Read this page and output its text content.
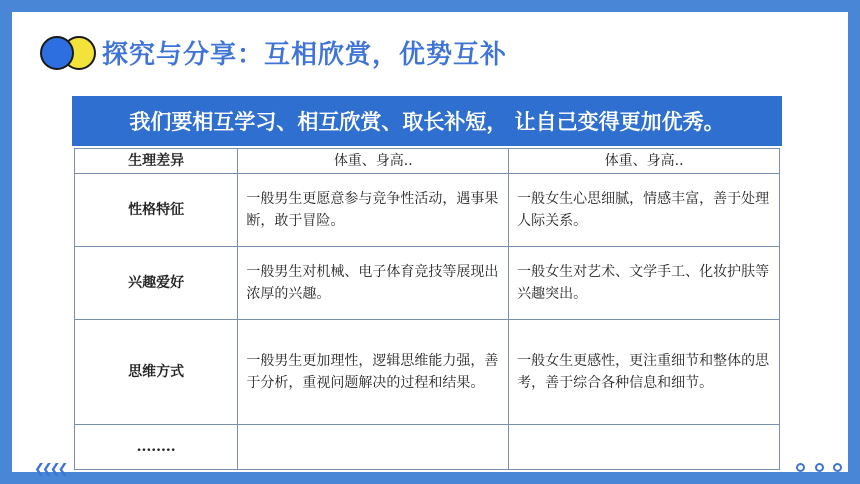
探究与分享：互相欣赏，优势互补
我们要相互学习、相互欣赏、取长补短， 让自己变得更加优秀。
生理差异	体重、身高..	体重、身高..
性格特征	一般男生更愿意参与竞争性活动，遇事果断，敢于冒险。	一般女生心思细腻，情感丰富，善于处理人际关系。
兴趣爱好	一般男生对机械、电子体育竞技等展现出浓厚的兴趣。	一般女生对艺术、文学手工、化妆护肤等兴趣突出。
思维方式	一般男生更加理性，逻辑思维能力强，善于分析，重视问题解决的过程和结果。	一般女生更感性，更注重细节和整体的思考，善于综合各种信息和细节。
........		
❮❮❮❮
